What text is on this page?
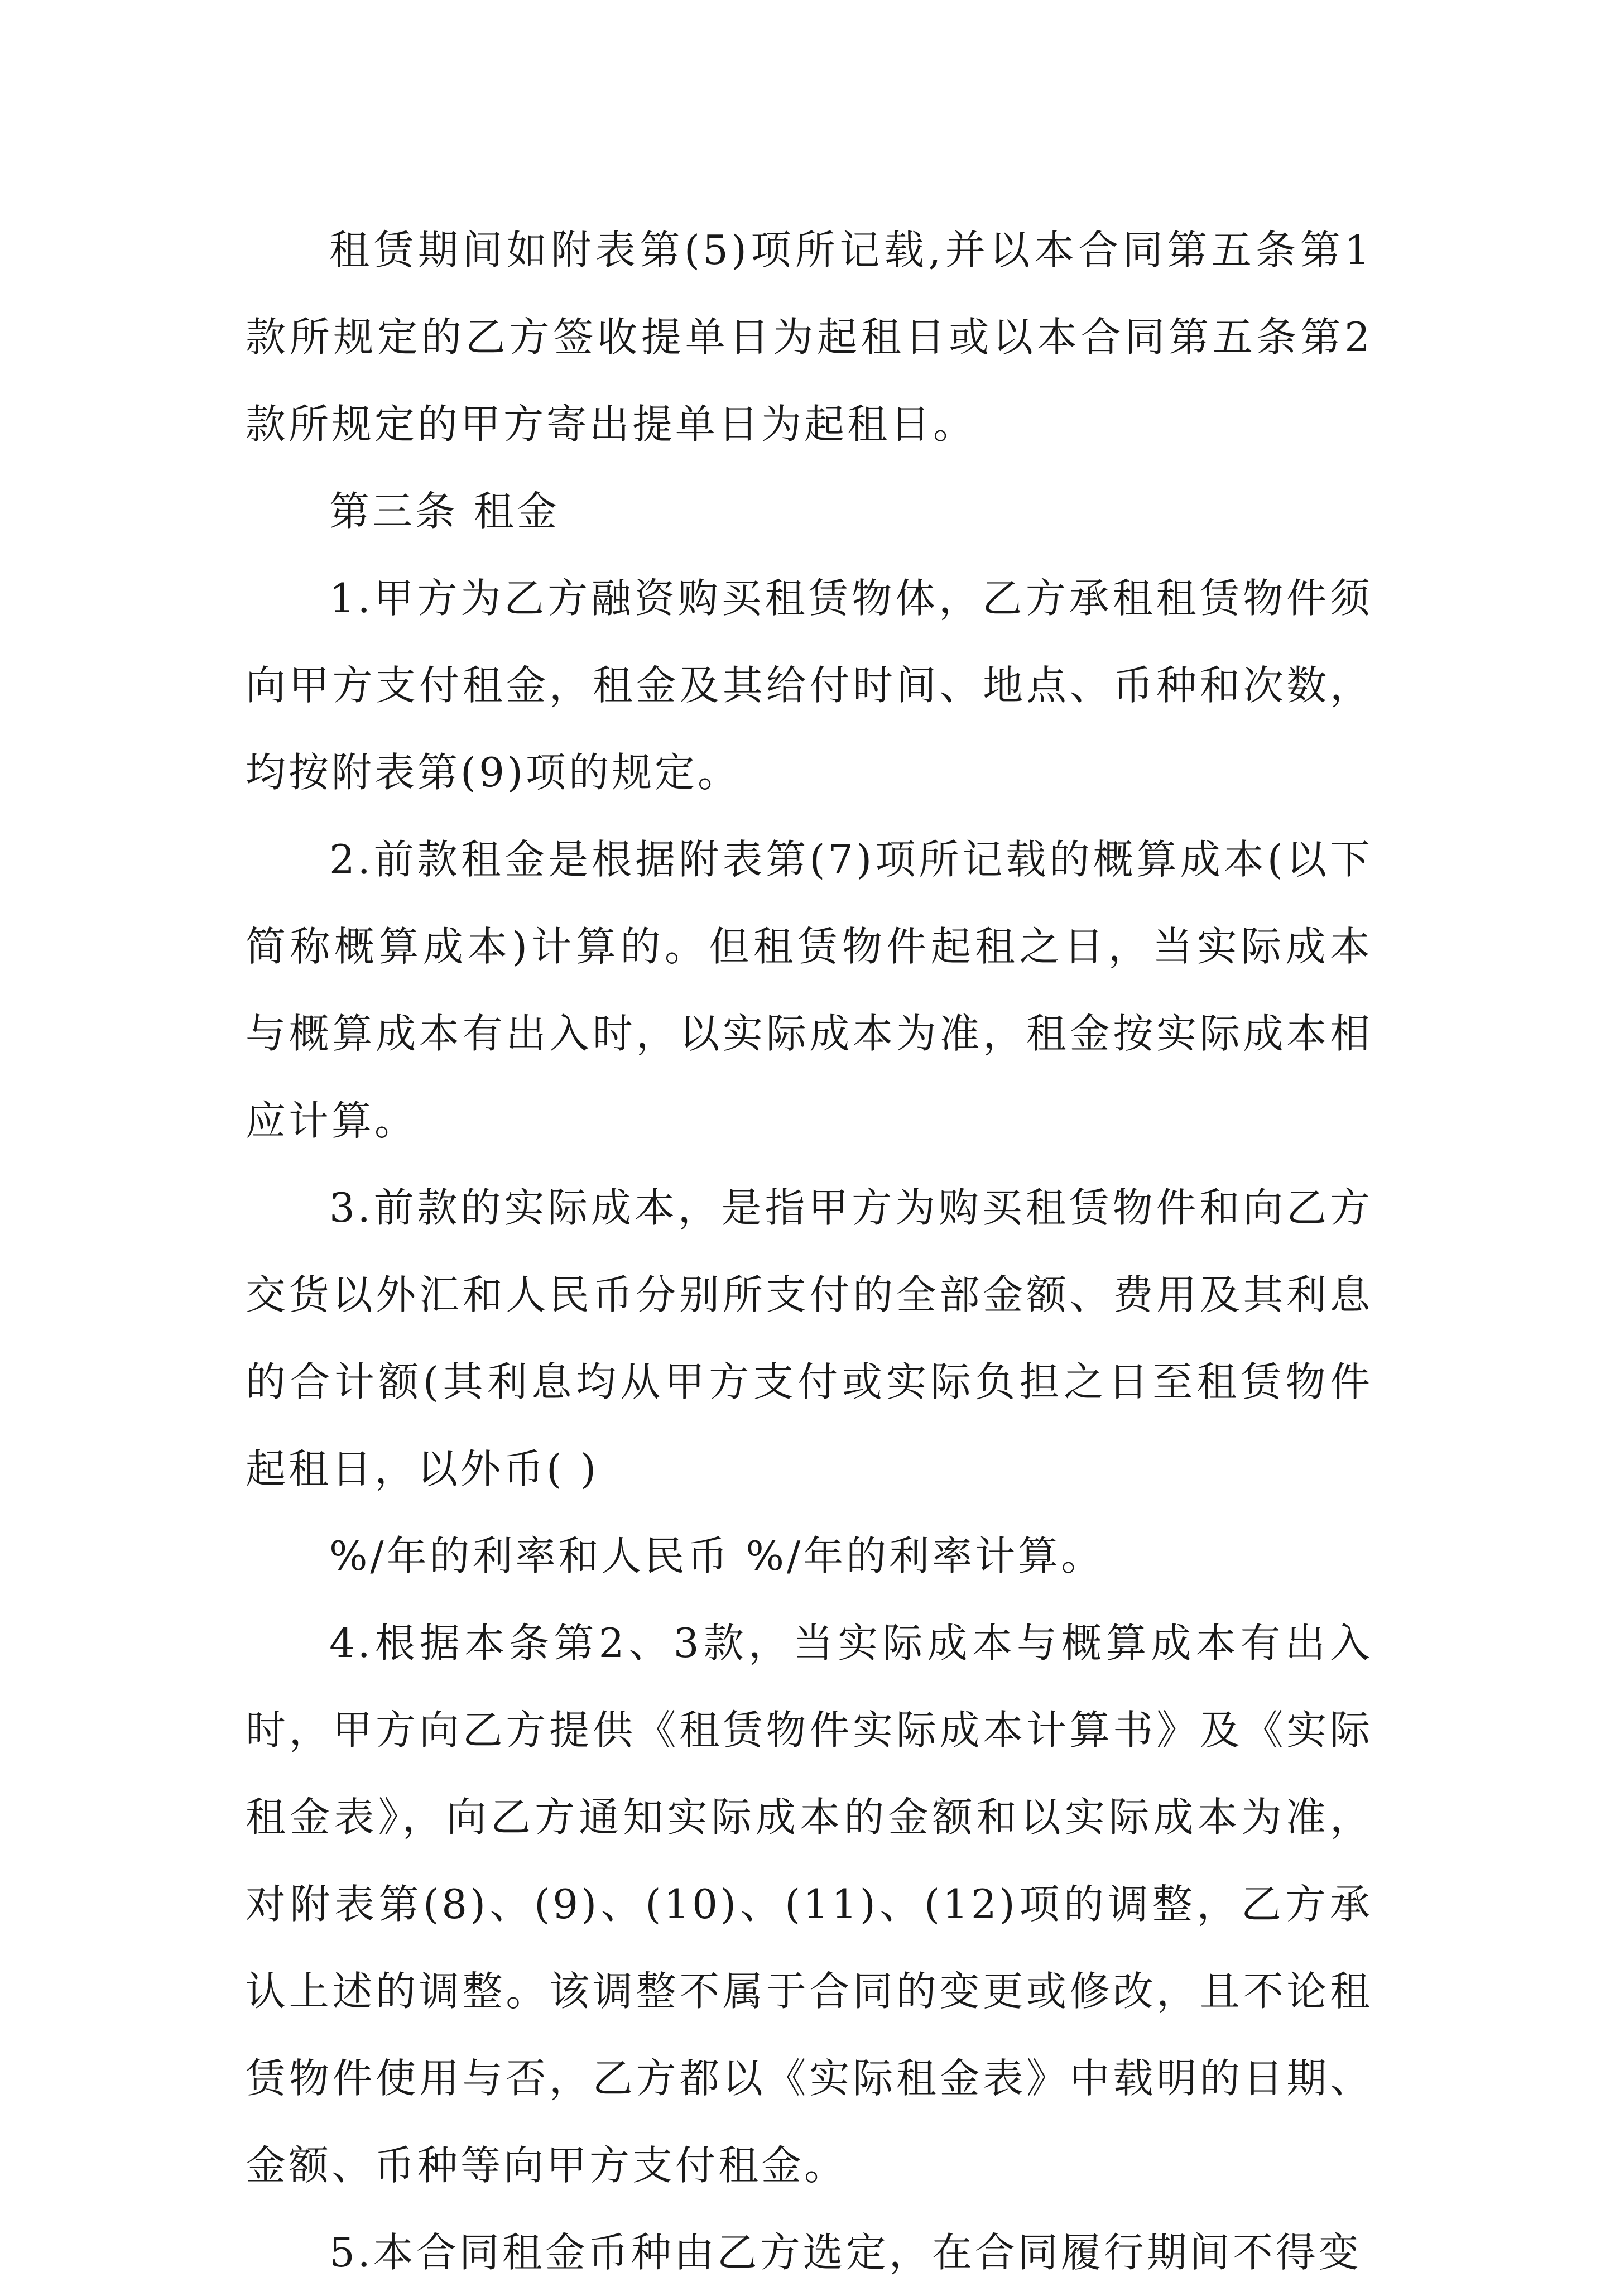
租赁期间如附表第(5)项所记载,并以本合同第五条第1款所规定的乙方签收提单日为起租日或以本合同第五条第2款所规定的甲方寄出提单日为起租日。

第三条 租金

1.甲方为乙方融资购买租赁物体，乙方承租租赁物件须向甲方支付租金，租金及其给付时间、地点、币种和次数，均按附表第(9)项的规定。

2.前款租金是根据附表第(7)项所记载的概算成本(以下简称概算成本)计算的。但租赁物件起租之日，当实际成本与概算成本有出入时，以实际成本为准，租金按实际成本相应计算。

3.前款的实际成本，是指甲方为购买租赁物件和向乙方交货以外汇和人民币分别所支付的全部金额、费用及其利息的合计额(其利息均从甲方支付或实际负担之日至租赁物件起租日，以外币( )

%/年的利率和人民币 %/年的利率计算。

4.根据本条第2、3款，当实际成本与概算成本有出入时，甲方向乙方提供《租赁物件实际成本计算书》及《实际租金表》，向乙方通知实际成本的金额和以实际成本为准，对附表第(8)、(9)、(10)、(11)、(12)项的调整，乙方承认上述的调整。该调整不属于合同的变更或修改，且不论租赁物件使用与否，乙方都以《实际租金表》中载明的日期、金额、币种等向甲方支付租金。

5.本合同租金币种由乙方选定，在合同履行期间不得变
